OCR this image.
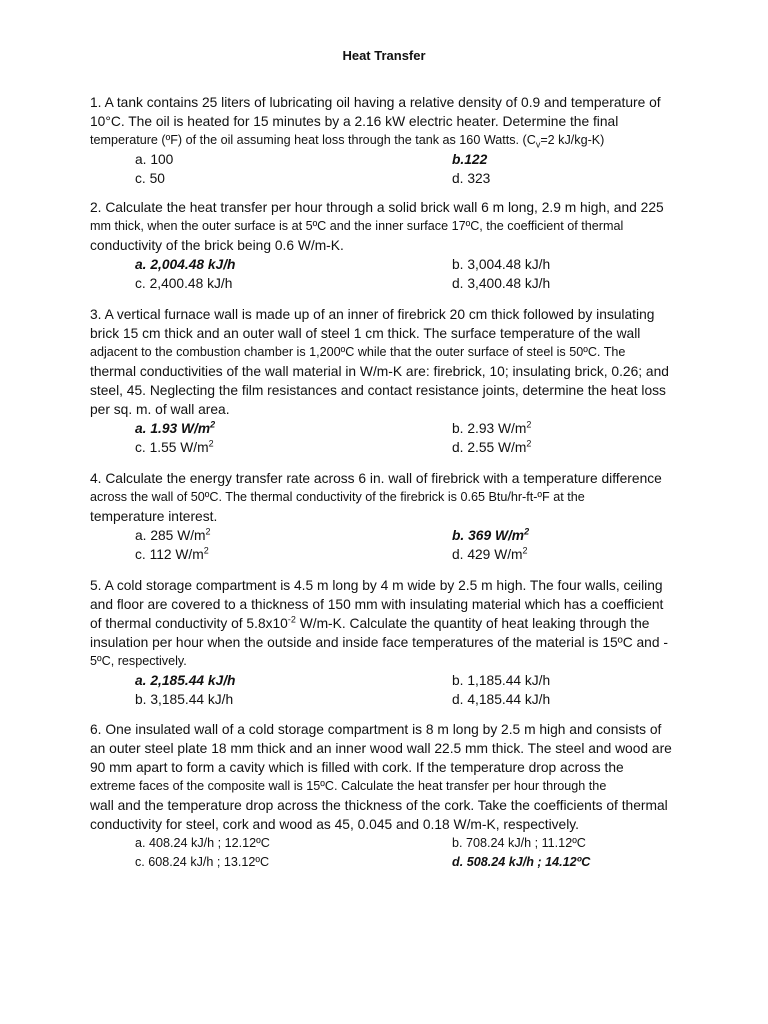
Heat Transfer
1. A tank contains 25 liters of lubricating oil having a relative density of 0.9 and temperature of
10°C. The oil is heated for 15 minutes by a 2.16 kW electric heater. Determine the final
temperature (ºF) of the oil assuming heat loss through the tank as 160 Watts. ($C_v=2$ kJ/kg-K)
a. 100	b.122
c. 50	d. 323
2. Calculate the heat transfer per hour through a solid brick wall 6 m long, 2.9 m high, and 225
mm thick, when the outer surface is at 5ºC and the inner surface 17ºC, the coefficient of thermal
conductivity of the brick being 0.6 W/m-K.
a. 2,004.48 kJ/h	b. 3,004.48 kJ/h
c. 2,400.48 kJ/h	d. 3,400.48 kJ/h
3. A vertical furnace wall is made up of an inner of firebrick 20 cm thick followed by insulating
brick 15 cm thick and an outer wall of steel 1 cm thick. The surface temperature of the wall
adjacent to the combustion chamber is 1,200ºC while that the outer surface of steel is 50ºC. The
thermal conductivities of the wall material in W/m-K are: firebrick, 10; insulating brick, 0.26; and
steel, 45. Neglecting the film resistances and contact resistance joints, determine the heat loss
per sq. m. of wall area.
a. 1.93 $W/m^2$	b. 2.93 $W/m^2$
c. 1.55 $W/m^2$	d. 2.55 $W/m^2$
4. Calculate the energy transfer rate across 6 in. wall of firebrick with a temperature difference
across the wall of 50ºC. The thermal conductivity of the firebrick is 0.65 Btu/hr-ft-ºF at the
temperature interest.
a. 285 $W/m^2$	b. 369 $W/m^2$
c. 112 $W/m^2$	d. 429 $W/m^2$
5. A cold storage compartment is 4.5 m long by 4 m wide by 2.5 m high. The four walls, ceiling
and floor are covered to a thickness of 150 mm with insulating material which has a coefficient
of thermal conductivity of $5.8x10^{-2}$ W/m-K. Calculate the quantity of heat leaking through the
insulation per hour when the outside and inside face temperatures of the material is 15ºC and -
5ºC, respectively.
a. 2,185.44 kJ/h	b. 1,185.44 kJ/h
b. 3,185.44 kJ/h	d. 4,185.44 kJ/h
6. One insulated wall of a cold storage compartment is 8 m long by 2.5 m high and consists of
an outer steel plate 18 mm thick and an inner wood wall 22.5 mm thick. The steel and wood are
90 mm apart to form a cavity which is filled with cork. If the temperature drop across the
extreme faces of the composite wall is 15ºC. Calculate the heat transfer per hour through the
wall and the temperature drop across the thickness of the cork. Take the coefficients of thermal
conductivity for steel, cork and wood as 45, 0.045 and 0.18 W/m-K, respectively.
a. 408.24 kJ/h ; 12.12ºC	b. 708.24 kJ/h ; 11.12ºC
c. 608.24 kJ/h ; 13.12ºC	d. 508.24 kJ/h ; 14.12ºC
